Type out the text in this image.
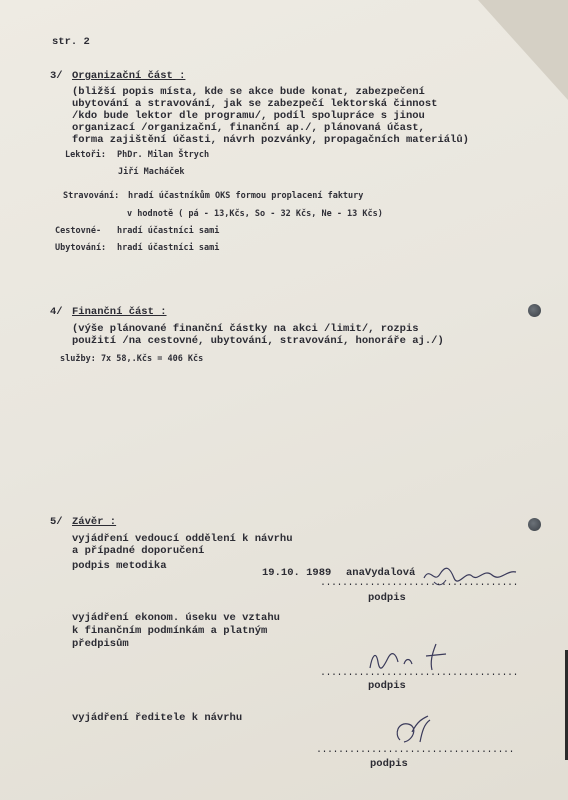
str. 2
3/ Organizační část :
(bližší popis místa, kde se akce bude konat, zabezpečení
ubytování a stravování, jak se zabezpečí lektorská činnost
/kdo bude lektor dle programu/, podíl spolupráce s jinou
organizací /organizační, finanční ap./, plánovaná účast,
forma zajištění účasti, návrh pozvánky, propagačních materiálů)
Lektoři: PhDr. Milan Štrych
Jiří Macháček
Stravování: hradí účastníkům OKS formou proplacení faktury
v hodnotě ( pá - 13,Kčs, So - 32 Kčs, Ne - 13 Kčs)
Cestovné- hradí účastníci sami
Ubytování: hradí účastníci sami
4/ Finanční část :
(výše plánované finanční částky na akci /limit/, rozpis
použití /na cestovné, ubytování, stravování, honoráře aj./)
služby: 7x 58,.Kčs = 406 Kčs
5/ Závěr :
vyjádření vedoucí oddělení k návrhu
a případné doporučení
podpis metodika
19.10. 1989 anaVydalová
....................................
podpis
vyjádření ekonom. úseku ve vztahu
k finančním podmínkám a platným
předpisům
....................................
podpis
vyjádření ředitele k návrhu
....................................
podpis
